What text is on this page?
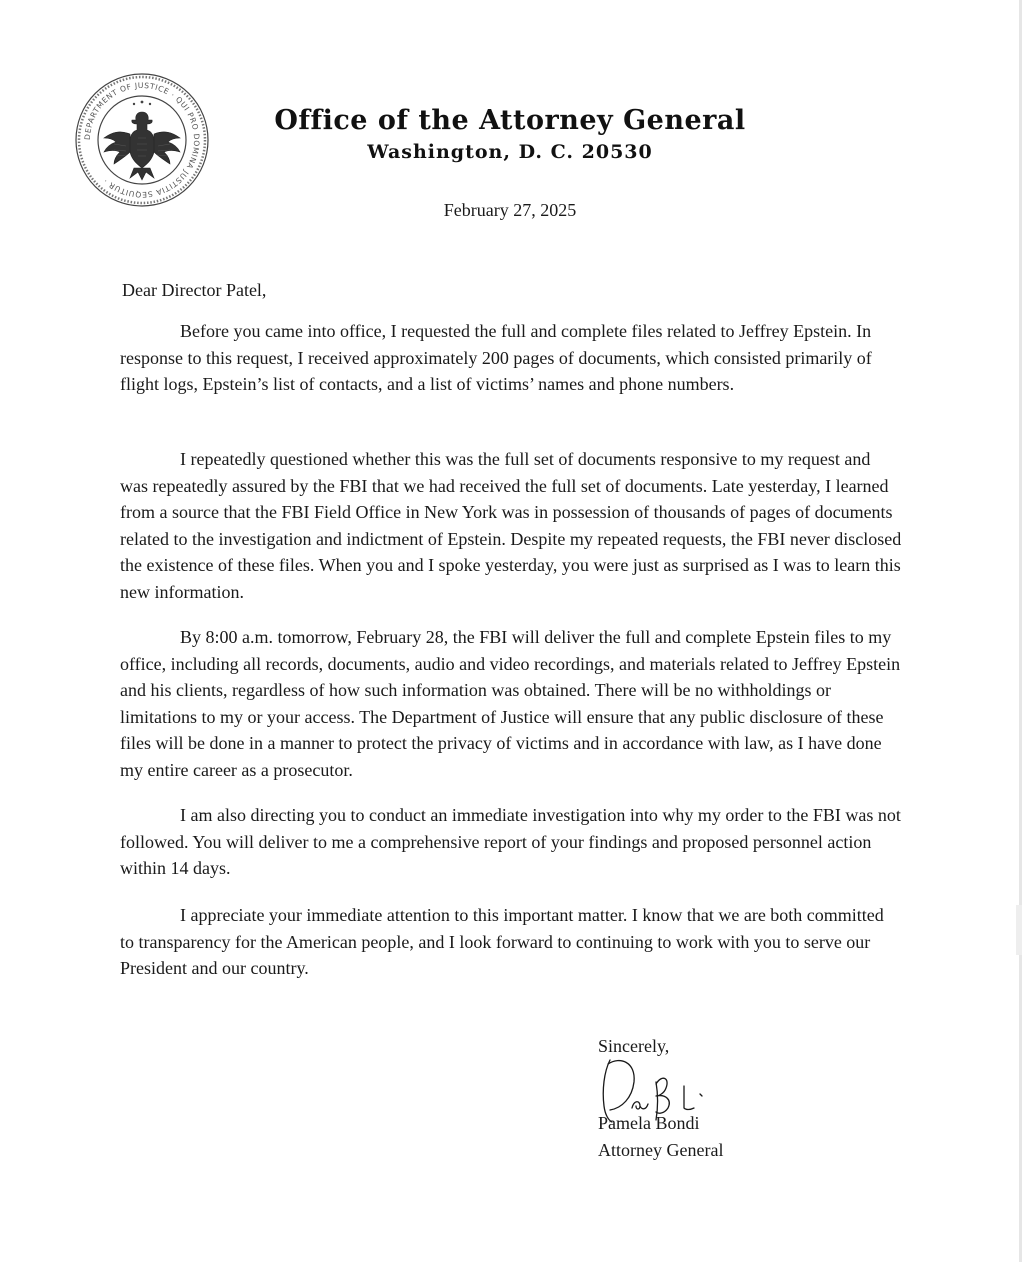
DEPARTMENT OF JUSTICE · QUI PRO DOMINA JUSTITIA SEQUITUR ·
Office of the Attorney General
Washington, D. C. 20530
February 27, 2025
Dear Director Patel,

Before you came into office, I requested the full and complete files related to Jeffrey Epstein. In response to this request, I received approximately 200 pages of documents, which consisted primarily of flight logs, Epstein’s list of contacts, and a list of victims’ names and phone numbers.

I repeatedly questioned whether this was the full set of documents responsive to my request and was repeatedly assured by the FBI that we had received the full set of documents. Late yesterday, I learned from a source that the FBI Field Office in New York was in possession of thousands of pages of documents related to the investigation and indictment of Epstein. Despite my repeated requests, the FBI never disclosed the existence of these files. When you and I spoke yesterday, you were just as surprised as I was to learn this new information.

By 8:00 a.m. tomorrow, February 28, the FBI will deliver the full and complete Epstein files to my office, including all records, documents, audio and video recordings, and materials related to Jeffrey Epstein and his clients, regardless of how such information was obtained. There will be no withholdings or limitations to my or your access. The Department of Justice will ensure that any public disclosure of these files will be done in a manner to protect the privacy of victims and in accordance with law, as I have done my entire career as a prosecutor.

I am also directing you to conduct an immediate investigation into why my order to the FBI was not followed. You will deliver to me a comprehensive report of your findings and proposed personnel action within 14 days.

I appreciate your immediate attention to this important matter. I know that we are both committed to transparency for the American people, and I look forward to continuing to work with you to serve our President and our country.

Sincerely,
Pamela Bondi
Attorney General
